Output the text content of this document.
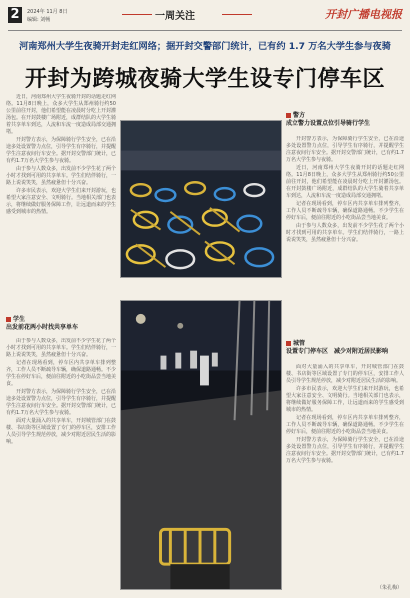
2	2024年 11月 8日
编辑: 刘畅	一周关注	开封广播电视报
河南郑州大学生夜骑开封走红网络；据开封交警部门统计，已有约 1.7 万名大学生参与夜骑
开封为跨城夜骑大学生设专门停车区

近日，河南郑州大学生夜骑开封的话题走红网络。11月8日晚上，众多大学生从郑州骑行约50公里前往开封，他们希望能在凌晨时分吃上开封灌汤包。在开封鼓楼广场附近，成群结队的大学生骑着共享单车到达，人流和车流一度造成局部交通拥堵。

开封警方表示，为保障骑行学生安全，已在沿途多处设置警力点位，引导学生有序骑行，并提醒学生注意夜间行车安全。据开封交警部门统计，已有约1.7万名大学生参与夜骑。

由于参与人数众多，出发前不少学生花了两个小时才找到可用的共享单车。学生们结伴骑行，一路上说说笑笑，虽然疲惫但十分兴奋。

许多市民表示，欢迎大学生们来开封游玩，也希望大家注意安全、文明骑行。当地相关部门也表示，将继续做好服务保障工作，让远道而来的学生感受到城市的热情。

学生
出发前花两小时找共享单车

由于参与人数众多，出发前不少学生花了两个小时才找到可用的共享单车。学生们结伴骑行，一路上说说笑笑，虽然疲惫但十分兴奋。

记者在现场看到，停车区内共享单车排列整齐，工作人员不断疏导车辆，确保道路通畅。不少学生在停好车后，便前往附近的小吃街品尝当地美食。

开封警方表示，为保障骑行学生安全，已在沿途多处设置警力点位，引导学生有序骑行，并提醒学生注意夜间行车安全。据开封交警部门统计，已有约1.7万名大学生参与夜骑。

面对大量涌入的共享单车，开封城管部门在鼓楼、书店街等区域设置了专门的停车区，安排工作人员引导学生规范停放，减少对附近居民生活的影响。

警方
成立警力设置点位引导骑行学生

开封警方表示，为保障骑行学生安全，已在沿途多处设置警力点位，引导学生有序骑行，并提醒学生注意夜间行车安全。据开封交警部门统计，已有约1.7万名大学生参与夜骑。

近日，河南郑州大学生夜骑开封的话题走红网络。11月8日晚上，众多大学生从郑州骑行约50公里前往开封，他们希望能在凌晨时分吃上开封灌汤包。在开封鼓楼广场附近，成群结队的大学生骑着共享单车到达，人流和车流一度造成局部交通拥堵。

记者在现场看到，停车区内共享单车排列整齐，工作人员不断疏导车辆，确保道路通畅。不少学生在停好车后，便前往附近的小吃街品尝当地美食。

由于参与人数众多，出发前不少学生花了两个小时才找到可用的共享单车。学生们结伴骑行，一路上说说笑笑，虽然疲惫但十分兴奋。

城管
设置专门停车区　减少对附近居民影响

面对大量涌入的共享单车，开封城管部门在鼓楼、书店街等区域设置了专门的停车区，安排工作人员引导学生规范停放，减少对附近居民生活的影响。

许多市民表示，欢迎大学生们来开封游玩，也希望大家注意安全、文明骑行。当地相关部门也表示，将继续做好服务保障工作，让远道而来的学生感受到城市的热情。

记者在现场看到，停车区内共享单车排列整齐，工作人员不断疏导车辆，确保道路通畅。不少学生在停好车后，便前往附近的小吃街品尝当地美食。

开封警方表示，为保障骑行学生安全，已在沿途多处设置警力点位，引导学生有序骑行，并提醒学生注意夜间行车安全。据开封交警部门统计，已有约1.7万名大学生参与夜骑。

（朱孔梅）
